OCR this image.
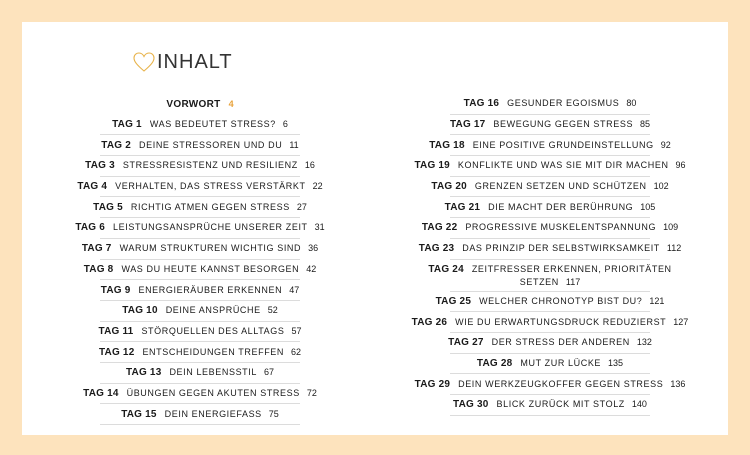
INHALT
VORWORT 4
TAG 1 WAS BEDEUTET STRESS? 6
TAG 2 DEINE STRESSOREN UND DU 11
TAG 3 STRESSRESISTENZ UND RESILIENZ 16
TAG 4 VERHALTEN, DAS STRESS VERSTÄRKT 22
TAG 5 RICHTIG ATMEN GEGEN STRESS 27
TAG 6 LEISTUNGSANSPRÜCHE UNSERER ZEIT 31
TAG 7 WARUM STRUKTUREN WICHTIG SIND 36
TAG 8 WAS DU HEUTE KANNST BESORGEN 42
TAG 9 ENERGIERÄUBER ERKENNEN 47
TAG 10 DEINE ANSPRÜCHE 52
TAG 11 STÖRQUELLEN DES ALLTAGS 57
TAG 12 ENTSCHEIDUNGEN TREFFEN 62
TAG 13 DEIN LEBENSSTIL 67
TAG 14 ÜBUNGEN GEGEN AKUTEN STRESS 72
TAG 15 DEIN ENERGIEFASS 75
TAG 16 GESUNDER EGOISMUS 80
TAG 17 BEWEGUNG GEGEN STRESS 85
TAG 18 EINE POSITIVE GRUNDEINSTELLUNG 92
TAG 19 KONFLIKTE UND WAS SIE MIT DIR MACHEN 96
TAG 20 GRENZEN SETZEN UND SCHÜTZEN 102
TAG 21 DIE MACHT DER BERÜHRUNG 105
TAG 22 PROGRESSIVE MUSKELENTSPANNUNG 109
TAG 23 DAS PRINZIP DER SELBSTWIRKSAMKEIT 112
TAG 24 ZEITFRESSER ERKENNEN, PRIORITÄTEN
SETZEN 117
TAG 25 WELCHER CHRONOTYP BIST DU? 121
TAG 26 WIE DU ERWARTUNGSDRUCK REDUZIERST 127
TAG 27 DER STRESS DER ANDEREN 132
TAG 28 MUT ZUR LÜCKE 135
TAG 29 DEIN WERKZEUGKOFFER GEGEN STRESS 136
TAG 30 BLICK ZURÜCK MIT STOLZ 140
